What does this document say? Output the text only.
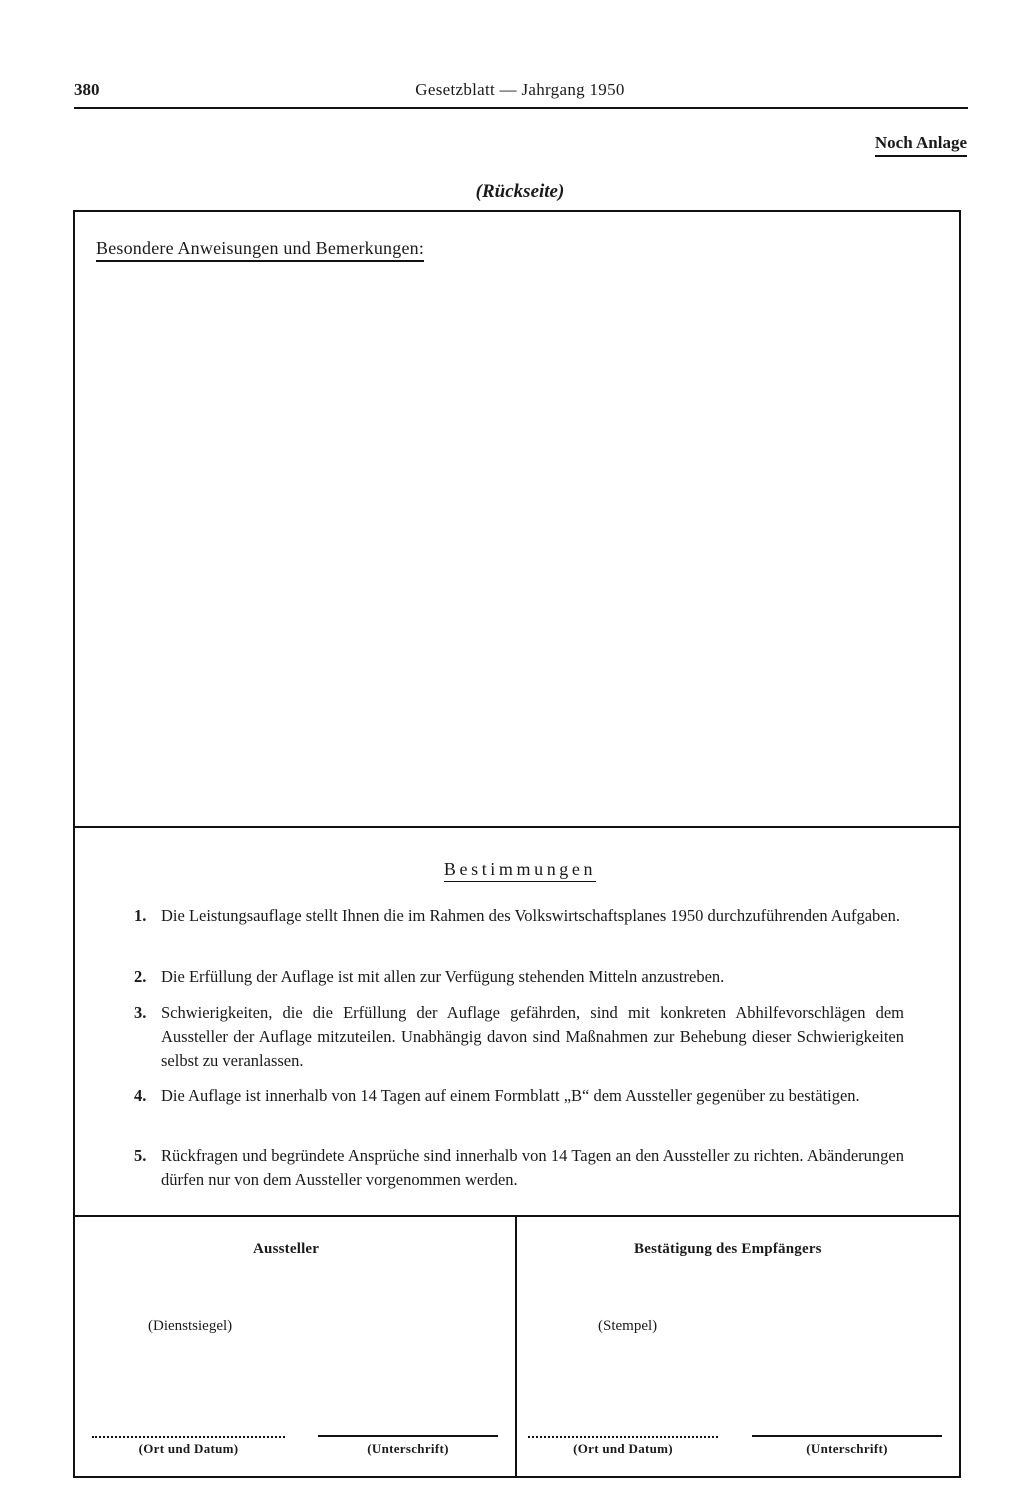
380	Gesetzblatt — Jahrgang 1950
Noch Anlage
(Rückseite)
Besondere Anweisungen und Bemerkungen:
Bestimmungen
1. Die Leistungsauflage stellt Ihnen die im Rahmen des Volkswirtschaftsplanes 1950 durchzuführenden Aufgaben.
2. Die Erfüllung der Auflage ist mit allen zur Verfügung stehenden Mitteln anzustreben.
3. Schwierigkeiten, die die Erfüllung der Auflage gefährden, sind mit konkreten Abhilfevorschlägen dem Aussteller der Auflage mitzuteilen. Unabhängig davon sind Maßnahmen zur Behebung dieser Schwierigkeiten selbst zu veranlassen.
4. Die Auflage ist innerhalb von 14 Tagen auf einem Formblatt „B“ dem Aussteller gegenüber zu bestätigen.
5. Rückfragen und begründete Ansprüche sind innerhalb von 14 Tagen an den Aussteller zu richten. Abänderungen dürfen nur von dem Aussteller vorgenommen werden.
Aussteller
(Dienstsiegel)
(Ort und Datum)	(Unterschrift)
Bestätigung des Empfängers
(Stempel)
(Ort und Datum)	(Unterschrift)
